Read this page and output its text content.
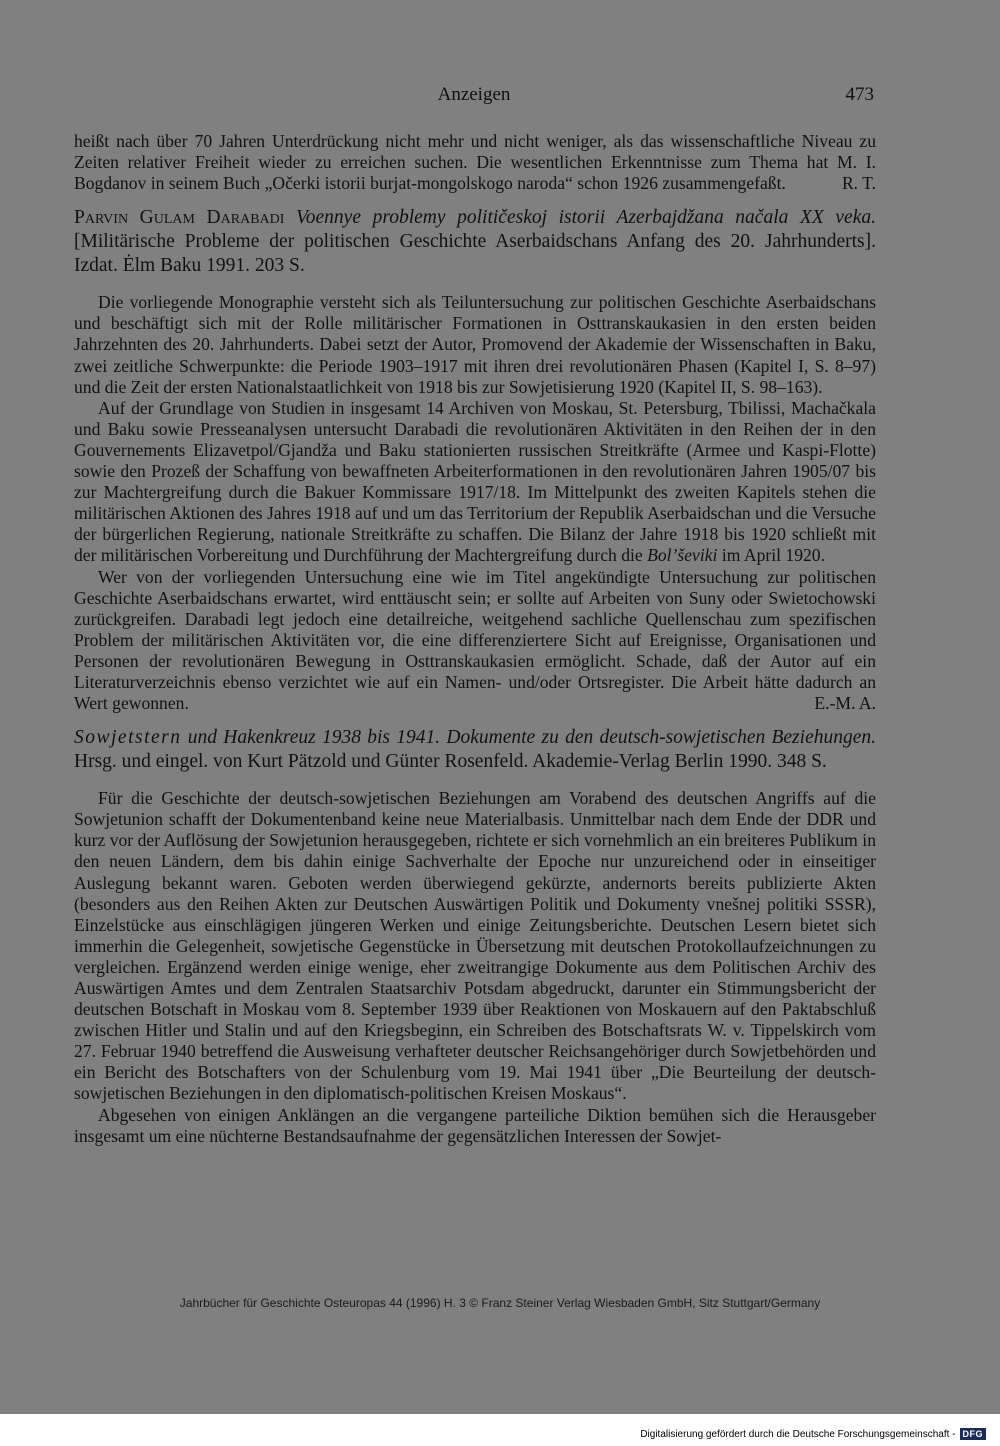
Anzeigen	473

heißt nach über 70 Jahren Unterdrückung nicht mehr und nicht weniger, als das wissenschaftliche Niveau zu Zeiten relativer Freiheit wieder zu erreichen suchen. Die wesentlichen Erkenntnisse zum Thema hat M. I. Bogdanov in seinem Buch „Očerki istorii burjat-mongolskogo naroda“ schon 1926 zusammengefaßt.	R. T.

Parvin Gulam Darabadi Voennye problemy političeskoj istorii Azerbajdžana načala XX veka. [Militärische Probleme der politischen Geschichte Aserbaidschans Anfang des 20. Jahrhunderts]. Izdat. Ėlm Baku 1991. 203 S.

Die vorliegende Monographie versteht sich als Teiluntersuchung zur politischen Geschichte Aserbaidschans und beschäftigt sich mit der Rolle militärischer Formationen in Osttranskaukasien in den ersten beiden Jahrzehnten des 20. Jahrhunderts. Dabei setzt der Autor, Promovend der Akademie der Wissenschaften in Baku, zwei zeitliche Schwerpunkte: die Periode 1903–1917 mit ihren drei revolutionären Phasen (Kapitel I, S. 8–97) und die Zeit der ersten Nationalstaatlichkeit von 1918 bis zur Sowjetisierung 1920 (Kapitel II, S. 98–163).

Auf der Grundlage von Studien in insgesamt 14 Archiven von Moskau, St. Petersburg, Tbilissi, Machačkala und Baku sowie Presseanalysen untersucht Darabadi die revolutionären Aktivitäten in den Reihen der in den Gouvernements Elizavetpol/Gjandža und Baku stationierten russischen Streitkräfte (Armee und Kaspi-Flotte) sowie den Prozeß der Schaffung von bewaffneten Arbeiterformationen in den revolutionären Jahren 1905/07 bis zur Machtergreifung durch die Bakuer Kommissare 1917/18. Im Mittelpunkt des zweiten Kapitels stehen die militärischen Aktionen des Jahres 1918 auf und um das Territorium der Republik Aserbaidschan und die Versuche der bürgerlichen Regierung, nationale Streitkräfte zu schaffen. Die Bilanz der Jahre 1918 bis 1920 schließt mit der militärischen Vorbereitung und Durchführung der Machtergreifung durch die Bol’ševiki im April 1920.

Wer von der vorliegenden Untersuchung eine wie im Titel angekündigte Untersuchung zur politischen Geschichte Aserbaidschans erwartet, wird enttäuscht sein; er sollte auf Arbeiten von Suny oder Swietochowski zurückgreifen. Darabadi legt jedoch eine detailreiche, weitgehend sachliche Quellenschau zum spezifischen Problem der militärischen Aktivitäten vor, die eine differenziertere Sicht auf Ereignisse, Organisationen und Personen der revolutionären Bewegung in Osttranskaukasien ermöglicht. Schade, daß der Autor auf ein Literaturverzeichnis ebenso verzichtet wie auf ein Namen- und/oder Ortsregister. Die Arbeit hätte dadurch an Wert gewonnen.	E.-M. A.

Sowjetstern und Hakenkreuz 1938 bis 1941. Dokumente zu den deutsch-sowjetischen Beziehungen. Hrsg. und eingel. von Kurt Pätzold und Günter Rosenfeld. Akademie-Verlag Berlin 1990. 348 S.

Für die Geschichte der deutsch-sowjetischen Beziehungen am Vorabend des deutschen Angriffs auf die Sowjetunion schafft der Dokumentenband keine neue Materialbasis. Unmittelbar nach dem Ende der DDR und kurz vor der Auflösung der Sowjetunion herausgegeben, richtete er sich vornehmlich an ein breiteres Publikum in den neuen Ländern, dem bis dahin einige Sachverhalte der Epoche nur unzureichend oder in einseitiger Auslegung bekannt waren. Geboten werden überwiegend gekürzte, andernorts bereits publizierte Akten (besonders aus den Reihen Akten zur Deutschen Auswärtigen Politik und Dokumenty vnešnej politiki SSSR), Einzelstücke aus einschlägigen jüngeren Werken und einige Zeitungsberichte. Deutschen Lesern bietet sich immerhin die Gelegenheit, sowjetische Gegenstücke in Übersetzung mit deutschen Protokollaufzeichnungen zu vergleichen. Ergänzend werden einige wenige, eher zweitrangige Dokumente aus dem Politischen Archiv des Auswärtigen Amtes und dem Zentralen Staatsarchiv Potsdam abgedruckt, darunter ein Stimmungsbericht der deutschen Botschaft in Moskau vom 8. September 1939 über Reaktionen von Moskauern auf den Paktabschluß zwischen Hitler und Stalin und auf den Kriegsbeginn, ein Schreiben des Botschaftsrats W. v. Tippelskirch vom 27. Februar 1940 betreffend die Ausweisung verhafteter deutscher Reichsangehöriger durch Sowjetbehörden und ein Bericht des Botschafters von der Schulenburg vom 19. Mai 1941 über „Die Beurteilung der deutsch-sowjetischen Beziehungen in den diplomatisch-politischen Kreisen Moskaus“.

Abgesehen von einigen Anklängen an die vergangene parteiliche Diktion bemühen sich die Herausgeber insgesamt um eine nüchterne Bestandsaufnahme der gegensätzlichen Interessen der Sowjet-

Jahrbücher für Geschichte Osteuropas 44 (1996) H. 3 © Franz Steiner Verlag Wiesbaden GmbH, Sitz Stuttgart/Germany
Digitalisierung gefördert durch die Deutsche Forschungsgemeinschaft - DFG
